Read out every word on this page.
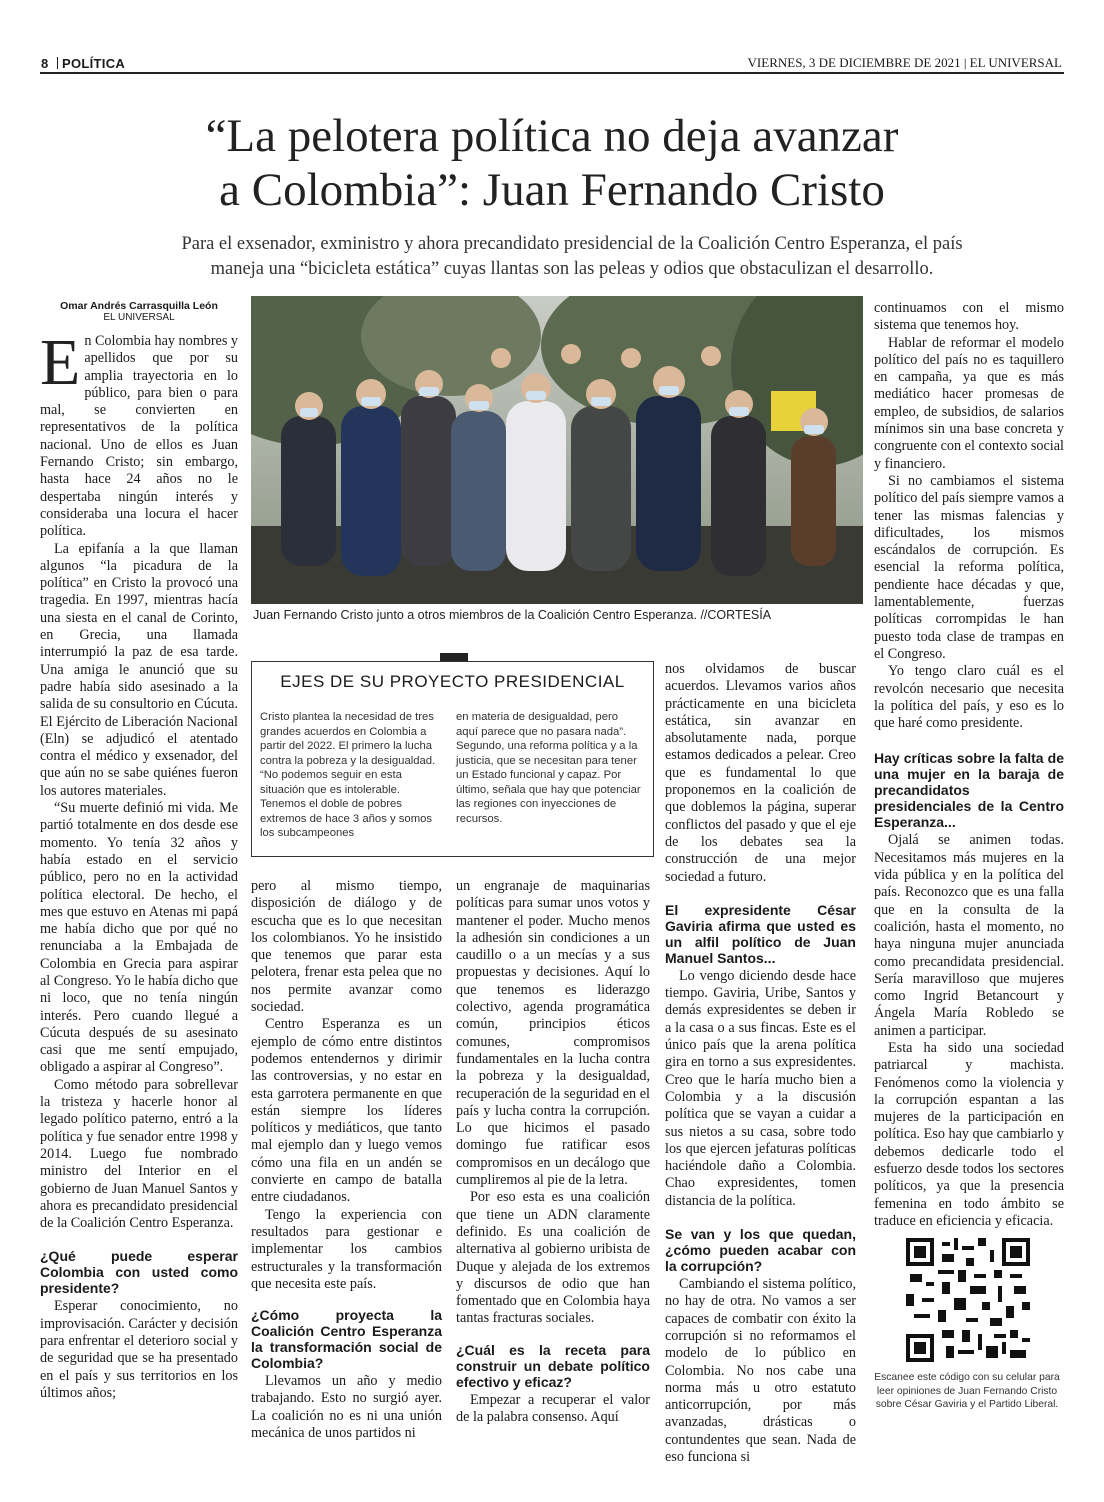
8 POLÍTICA	VIERNES, 3 DE DICIEMBRE DE 2021 | EL UNIVERSAL
“La pelotera política no deja avanzar
a Colombia”: Juan Fernando Cristo
Para el exsenador, exministro y ahora precandidato presidencial de la Coalición Centro Esperanza, el país
maneja una “bicicleta estática” cuyas llantas son las peleas y odios que obstaculizan el desarrollo.
Omar Andrés Carrasquilla León
EL UNIVERSAL
E n Colombia hay nombres y apellidos que por su amplia trayectoria en lo público, para bien o para mal, se convierten en representativos de la política nacional. Uno de ellos es Juan Fernando Cristo; sin embargo, hasta hace 24 años no le despertaba ningún interés y consideraba una locura el hacer política.

La epifanía a la que llaman algunos “la picadura de la política” en Cristo la provocó una tragedia. En 1997, mientras hacía una siesta en el canal de Corinto, en Grecia, una llamada interrumpió la paz de esa tarde. Una amiga le anunció que su padre había sido asesinado a la salida de su consultorio en Cúcuta. El Ejército de Liberación Nacional (Eln) se adjudicó el atentado contra el médico y exsenador, del que aún no se sabe quiénes fueron los autores materiales.

“Su muerte definió mi vida. Me partió totalmente en dos desde ese momento. Yo tenía 32 años y había estado en el servicio público, pero no en la actividad política electoral. De hecho, el mes que estuvo en Atenas mi papá me había dicho que por qué no renunciaba a la Embajada de Colombia en Grecia para aspirar al Congreso. Yo le había dicho que ni loco, que no tenía ningún interés. Pero cuando llegué a Cúcuta después de su asesinato casi que me sentí empujado, obligado a aspirar al Congreso”.

Como método para sobrellevar la tristeza y hacerle honor al legado político paterno, entró a la política y fue senador entre 1998 y 2014. Luego fue nombrado ministro del Interior en el gobierno de Juan Manuel Santos y ahora es precandidato presidencial de la Coalición Centro Esperanza.

¿Qué puede esperar Colombia con usted como presidente?

Esperar conocimiento, no improvisación. Carácter y decisión para enfrentar el deterioro social y de seguridad que se ha presentado en el país y sus territorios en los últimos años;

Juan Fernando Cristo junto a otros miembros de la Coalición Centro Esperanza. //CORTESÍA
EJES DE SU PROYECTO PRESIDENCIAL
Cristo plantea la necesidad de tres grandes acuerdos en Colombia a partir del 2022. El primero la lucha contra la pobreza y la desigualdad. “No podemos seguir en esta situación que es intolerable. Tenemos el doble de pobres extremos de hace 3 años y somos los subcampeones
en materia de desigualdad, pero aquí parece que no pasara nada”. Segundo, una reforma política y a la justicia, que se necesitan para tener un Estado funcional y capaz. Por último, señala que hay que potenciar las regiones con inyecciones de recursos.

pero al mismo tiempo, disposición de diálogo y de escucha que es lo que necesitan los colombianos. Yo he insistido que tenemos que parar esta pelotera, frenar esta pelea que no nos permite avanzar como sociedad.

Centro Esperanza es un ejemplo de cómo entre distintos podemos entendernos y dirimir las controversias, y no estar en esta garrotera permanente en que están siempre los líderes políticos y mediáticos, que tanto mal ejemplo dan y luego vemos cómo una fila en un andén se convierte en campo de batalla entre ciudadanos.

Tengo la experiencia con resultados para gestionar e implementar los cambios estructurales y la transformación que necesita este país.

¿Cómo proyecta la Coalición Centro Esperanza la transformación social de Colombia?

Llevamos un año y medio trabajando. Esto no surgió ayer. La coalición no es ni una unión mecánica de unos partidos ni

un engranaje de maquinarias políticas para sumar unos votos y mantener el poder. Mucho menos la adhesión sin condiciones a un caudillo o a un mecías y a sus propuestas y decisiones. Aquí lo que tenemos es liderazgo colectivo, agenda programática común, principios éticos comunes, compromisos fundamentales en la lucha contra la pobreza y la desigualdad, recuperación de la seguridad en el país y lucha contra la corrupción. Lo que hicimos el pasado domingo fue ratificar esos compromisos en un decálogo que cumpliremos al pie de la letra.

Por eso esta es una coalición que tiene un ADN claramente definido. Es una coalición de alternativa al gobierno uribista de Duque y alejada de los extremos y discursos de odio que han fomentado que en Colombia haya tantas fracturas sociales.

¿Cuál es la receta para construir un debate político efectivo y eficaz?

Empezar a recuperar el valor de la palabra consenso. Aquí

nos olvidamos de buscar acuerdos. Llevamos varios años prácticamente en una bicicleta estática, sin avanzar en absolutamente nada, porque estamos dedicados a pelear. Creo que es fundamental lo que proponemos en la coalición de que doblemos la página, superar conflictos del pasado y que el eje de los debates sea la construcción de una mejor sociedad a futuro.

El expresidente César Gaviria afirma que usted es un alfil político de Juan Manuel Santos...

Lo vengo diciendo desde hace tiempo. Gaviria, Uribe, Santos y demás expresidentes se deben ir a la casa o a sus fincas. Este es el único país que la arena política gira en torno a sus expresidentes. Creo que le haría mucho bien a Colombia y a la discusión política que se vayan a cuidar a sus nietos a su casa, sobre todo los que ejercen jefaturas políticas haciéndole daño a Colombia. Chao expresidentes, tomen distancia de la política.

Se van y los que quedan, ¿cómo pueden acabar con la corrupción?

Cambiando el sistema político, no hay de otra. No vamos a ser capaces de combatir con éxito la corrupción si no reformamos el modelo de lo público en Colombia. No nos cabe una norma más u otro estatuto anticorrupción, por más avanzadas, drásticas o contundentes que sean. Nada de eso funciona si

continuamos con el mismo sistema que tenemos hoy.

Hablar de reformar el modelo político del país no es taquillero en campaña, ya que es más mediático hacer promesas de empleo, de subsidios, de salarios mínimos sin una base concreta y congruente con el contexto social y financiero.

Si no cambiamos el sistema político del país siempre vamos a tener las mismas falencias y dificultades, los mismos escándalos de corrupción. Es esencial la reforma política, pendiente hace décadas y que, lamentablemente, fuerzas políticas corrompidas le han puesto toda clase de trampas en el Congreso.

Yo tengo claro cuál es el revolcón necesario que necesita la política del país, y eso es lo que haré como presidente.

Hay críticas sobre la falta de una mujer en la baraja de precandidatos presidenciales de la Centro Esperanza...

Ojalá se animen todas. Necesitamos más mujeres en la vida pública y en la política del país. Reconozco que es una falla que en la consulta de la coalición, hasta el momento, no haya ninguna mujer anunciada como precandidata presidencial. Sería maravilloso que mujeres como Ingrid Betancourt y Ángela María Robledo se animen a participar.

Esta ha sido una sociedad patriarcal y machista. Fenómenos como la violencia y la corrupción espantan a las mujeres de la participación en política. Eso hay que cambiarlo y debemos dedicarle todo el esfuerzo desde todos los sectores políticos, ya que la presencia femenina en todo ámbito se traduce en eficiencia y eficacia.

Escanee este código con su celular para leer opiniones de Juan Fernando Cristo sobre César Gaviria y el Partido Liberal.
